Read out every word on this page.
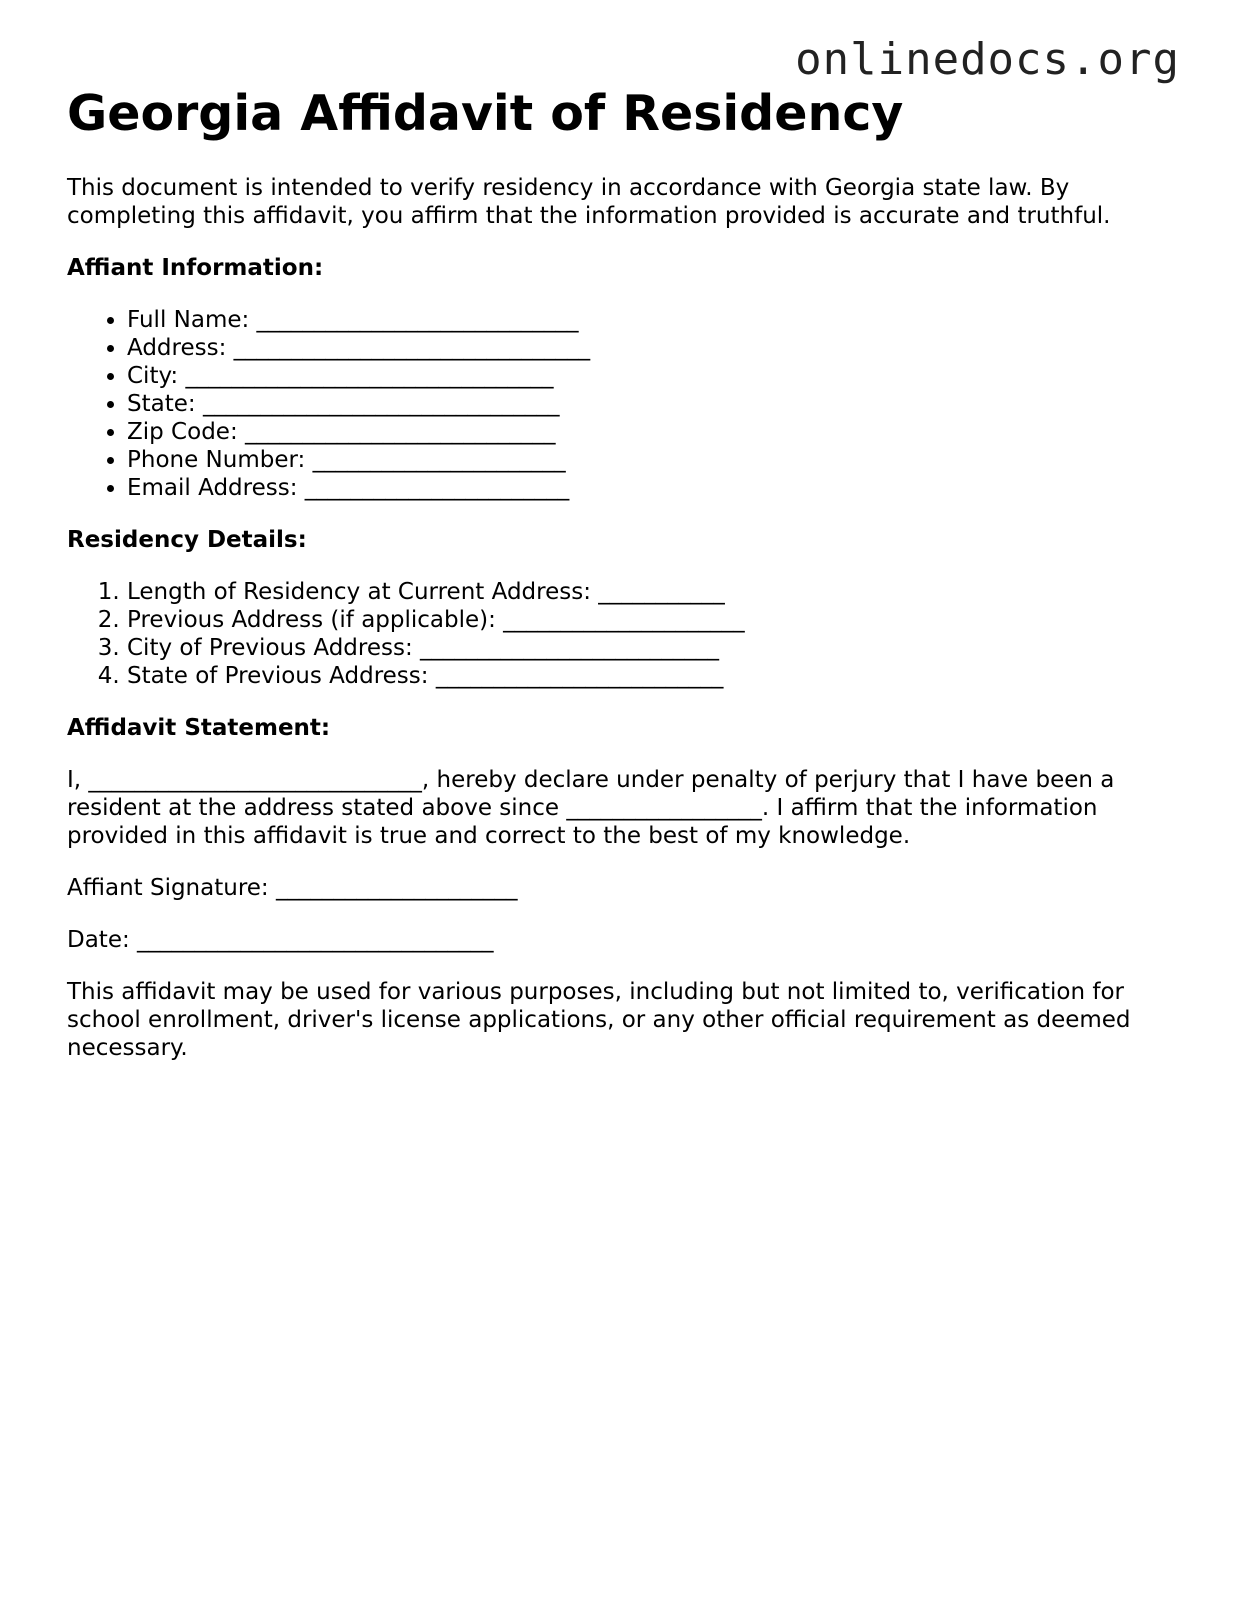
onlinedocs.org
Georgia Affidavit of Residency

This document is intended to verify residency in accordance with Georgia state law. By completing this affidavit, you affirm that the information provided is accurate and truthful.

Affiant Information:
• Full Name: ____________________________
• Address: _______________________________
• City: ________________________________
• State: _______________________________
• Zip Code: ___________________________
• Phone Number: ______________________
• Email Address: _______________________
Residency Details:
1. Length of Residency at Current Address: ___________
2. Previous Address (if applicable): _____________________
3. City of Previous Address: __________________________
4. State of Previous Address: _________________________
Affidavit Statement:

I, _____________________________, hereby declare under penalty of perjury that I have been a resident at the address stated above since _________________. I affirm that the information provided in this affidavit is true and correct to the best of my knowledge.

Affiant Signature: _____________________

Date: _______________________________

This affidavit may be used for various purposes, including but not limited to, verification for school enrollment, driver's license applications, or any other official requirement as deemed necessary.
